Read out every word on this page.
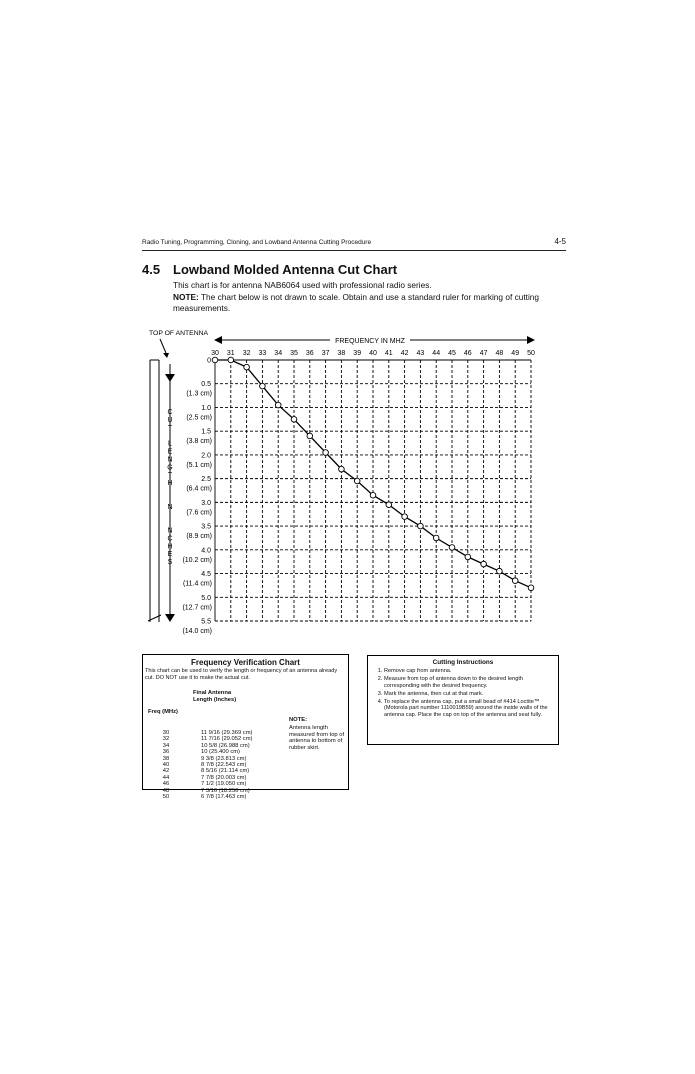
Radio Tuning, Programming, Cloning, and Lowband Antenna Cutting Procedure	4-5
4.5 Lowband Molded Antenna Cut Chart

This chart is for antenna NAB6064 used with professional radio series.

NOTE: The chart below is not drawn to scale. Obtain and use a standard ruler for marking of cutting measurements.

TOP OF ANTENNA
FREQUENCY IN MHZ
C U T L E N G T H I N I N C H E S
30 31 32 33 34 35 36 37 38 39 40 41 42 43 44 45 46 47 48 49 50
0
0.5
(1.3 cm)
1.0
(2.5 cm)
1.5
(3.8 cm)
2.0
(5.1 cm)
2.5
(6.4 cm)
3.0
(7.6 cm)
3.5
(8.9 cm)
4.0
(10.2 cm)
4.5
(11.4 cm)
5.0
(12.7 cm)
5.5
(14.0 cm)
Frequency Verification Chart
This chart can be used to verify the length or frequency of an antenna already cut. DO NOT use it to make the actual cut.

Freq (MHz)
Final Antenna
Length (Inches)
30
32
34
36
38
40
42
44
46
48
50
11 9/16 (29.369 cm)
11 7/16 (29.052 cm)
10 5/8 (26.988 cm)
10 (25.400 cm)
9 3/8 (23.813 cm)
8 7/8 (22.543 cm)
8 5/16 (21.114 cm)
7 7/8 (20.003 cm)
7 1/2 (19.050 cm)
7 3/16 (18.256 cm)
6 7/8 (17.463 cm)
NOTE:
Antenna length measured from top of antenna to bottom of rubber skirt.
Cutting Instructions
1. Remove cap from antenna.
2. Measure from top of antenna down to the desired length corresponding with the desired frequency.
3. Mark the antenna, then cut at that mark.
4. To replace the antenna cap, put a small bead of #414 Loctite™ (Motorola part number 1110019B59) around the inside walls of the antenna cap. Place the cap on top of the antenna and seat fully.
